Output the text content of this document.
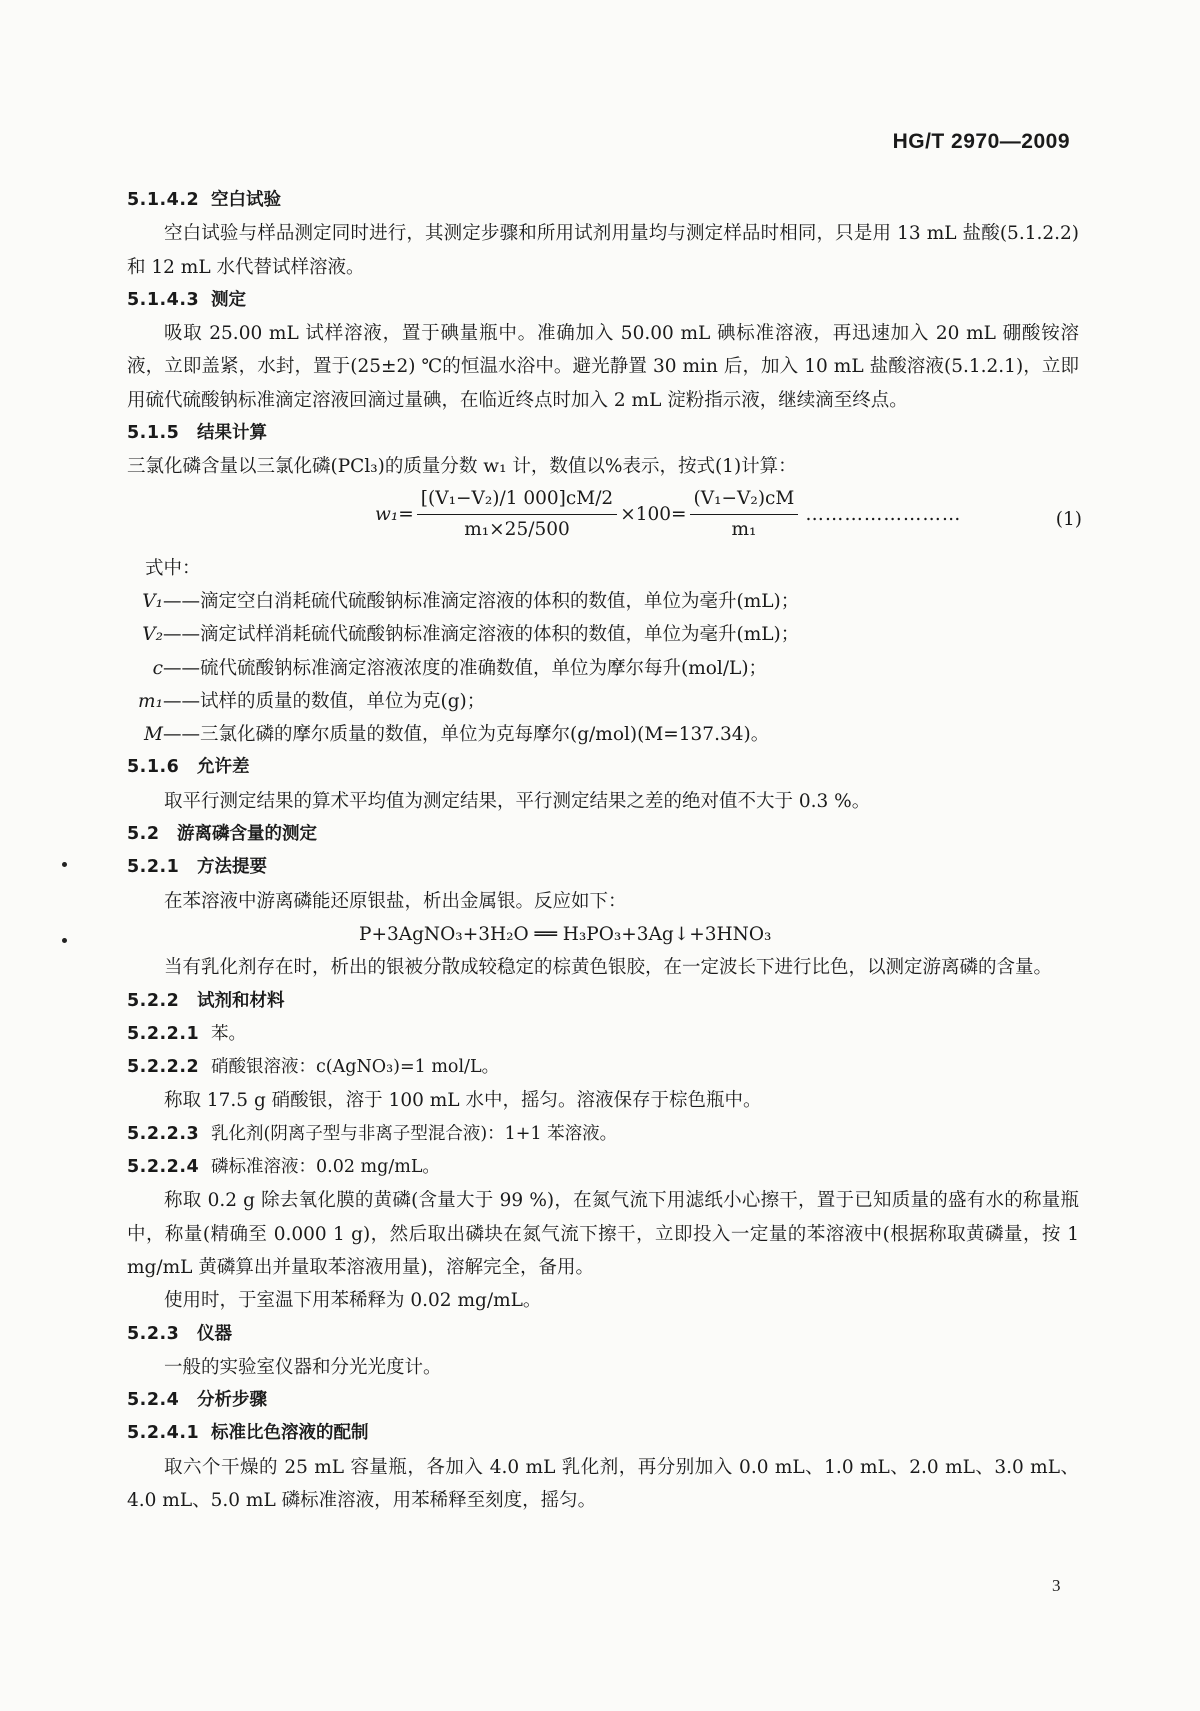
HG/T 2970—2009

5.1.4.2 空白试验

空白试验与样品测定同时进行，其测定步骤和所用试剂用量均与测定样品时相同，只是用 13 mL 盐酸(5.1.2.2)和 12 mL 水代替试样溶液。

5.1.4.3 测定

吸取 25.00 mL 试样溶液，置于碘量瓶中。准确加入 50.00 mL 碘标准溶液，再迅速加入 20 mL 硼酸铵溶液，立即盖紧，水封，置于(25±2) ℃的恒温水浴中。避光静置 30 min 后，加入 10 mL 盐酸溶液(5.1.2.1)，立即用硫代硫酸钠标准滴定溶液回滴过量碘，在临近终点时加入 2 mL 淀粉指示液，继续滴至终点。

5.1.5 结果计算

三氯化磷含量以三氯化磷(PCl₃)的质量分数 w₁ 计，数值以%表示，按式(1)计算：

$w_1 = \frac{\text{[(V₁−V₂)/1 000]cM/2}}{\text{m₁×25/500}} \times 100= \frac{\text{(V₁−V₂)cM}}{\text{m₁}}$ ……………………	(1)

式中：

V₁——滴定空白消耗硫代硫酸钠标准滴定溶液的体积的数值，单位为毫升(mL)；

V₂——滴定试样消耗硫代硫酸钠标准滴定溶液的体积的数值，单位为毫升(mL)；

c——硫代硫酸钠标准滴定溶液浓度的准确数值，单位为摩尔每升(mol/L)；

m₁——试样的质量的数值，单位为克(g)；

M——三氯化磷的摩尔质量的数值，单位为克每摩尔(g/mol)(M=137.34)。

5.1.6 允许差

取平行测定结果的算术平均值为测定结果，平行测定结果之差的绝对值不大于 0.3 %。

5.2 游离磷含量的测定

5.2.1 方法提要

在苯溶液中游离磷能还原银盐，析出金属银。反应如下：

P+3AgNO₃+3H₂O ══ H₃PO₃+3Ag↓+3HNO₃

当有乳化剂存在时，析出的银被分散成较稳定的棕黄色银胶，在一定波长下进行比色，以测定游离磷的含量。

5.2.2 试剂和材料

5.2.2.1 苯。

5.2.2.2 硝酸银溶液：c(AgNO₃)=1 mol/L。

称取 17.5 g 硝酸银，溶于 100 mL 水中，摇匀。溶液保存于棕色瓶中。

5.2.2.3 乳化剂(阴离子型与非离子型混合液)：1+1 苯溶液。

5.2.2.4 磷标准溶液：0.02 mg/mL。

称取 0.2 g 除去氧化膜的黄磷(含量大于 99 %)，在氮气流下用滤纸小心擦干，置于已知质量的盛有水的称量瓶中，称量(精确至 0.000 1 g)，然后取出磷块在氮气流下擦干，立即投入一定量的苯溶液中(根据称取黄磷量，按 1 mg/mL 黄磷算出并量取苯溶液用量)，溶解完全，备用。

使用时，于室温下用苯稀释为 0.02 mg/mL。

5.2.3 仪器

一般的实验室仪器和分光光度计。

5.2.4 分析步骤

5.2.4.1 标准比色溶液的配制

取六个干燥的 25 mL 容量瓶，各加入 4.0 mL 乳化剂，再分别加入 0.0 mL、1.0 mL、2.0 mL、3.0 mL、4.0 mL、5.0 mL 磷标准溶液，用苯稀释至刻度，摇匀。

3
